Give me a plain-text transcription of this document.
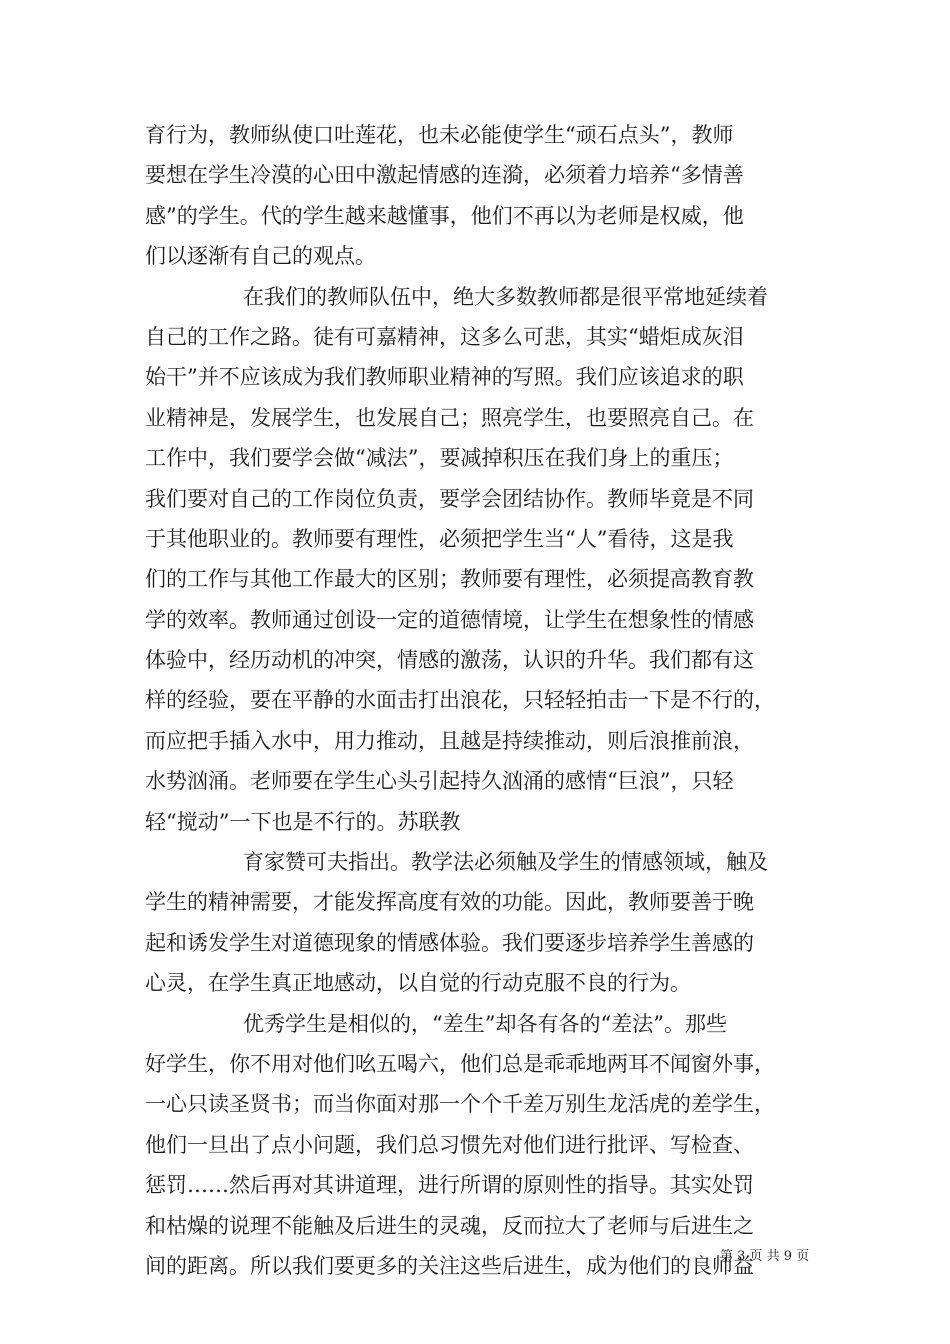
育行为，教师纵使口吐莲花，也未必能使学生“顽石点头”，教师
要想在学生冷漠的心田中激起情感的连漪，必须着力培养“多情善
感”的学生。代的学生越来越懂事，他们不再以为老师是权威，他
们以逐渐有自己的观点。
在我们的教师队伍中，绝大多数教师都是很平常地延续着
自己的工作之路。徒有可嘉精神，这多么可悲，其实“蜡炬成灰泪
始干”并不应该成为我们教师职业精神的写照。我们应该追求的职
业精神是，发展学生，也发展自己；照亮学生，也要照亮自己。在
工作中，我们要学会做“减法”，要减掉积压在我们身上的重压；
我们要对自己的工作岗位负责，要学会团结协作。教师毕竟是不同
于其他职业的。教师要有理性，必须把学生当“人”看待，这是我
们的工作与其他工作最大的区别；教师要有理性，必须提高教育教
学的效率。教师通过创设一定的道德情境，让学生在想象性的情感
体验中，经历动机的冲突，情感的激荡，认识的升华。我们都有这
样的经验，要在平静的水面击打出浪花，只轻轻拍击一下是不行的，
而应把手插入水中，用力推动，且越是持续推动，则后浪推前浪，
水势汹涌。老师要在学生心头引起持久汹涌的感情“巨浪”，只轻
轻“搅动”一下也是不行的。苏联教
育家赞可夫指出。教学法必须触及学生的情感领域，触及
学生的精神需要，才能发挥高度有效的功能。因此，教师要善于晚
起和诱发学生对道德现象的情感体验。我们要逐步培养学生善感的
心灵，在学生真正地感动，以自觉的行动克服不良的行为。
优秀学生是相似的，“差生”却各有各的“差法”。那些
好学生，你不用对他们吆五喝六，他们总是乖乖地两耳不闻窗外事，
一心只读圣贤书；而当你面对那一个个千差万别生龙活虎的差学生，
他们一旦出了点小问题，我们总习惯先对他们进行批评、写检查、
惩罚……然后再对其讲道理，进行所谓的原则性的指导。其实处罚
和枯燥的说理不能触及后进生的灵魂，反而拉大了老师与后进生之
间的距离。所以我们要更多的关注这些后进生，成为他们的良师益
第 3 页 共 9 页
